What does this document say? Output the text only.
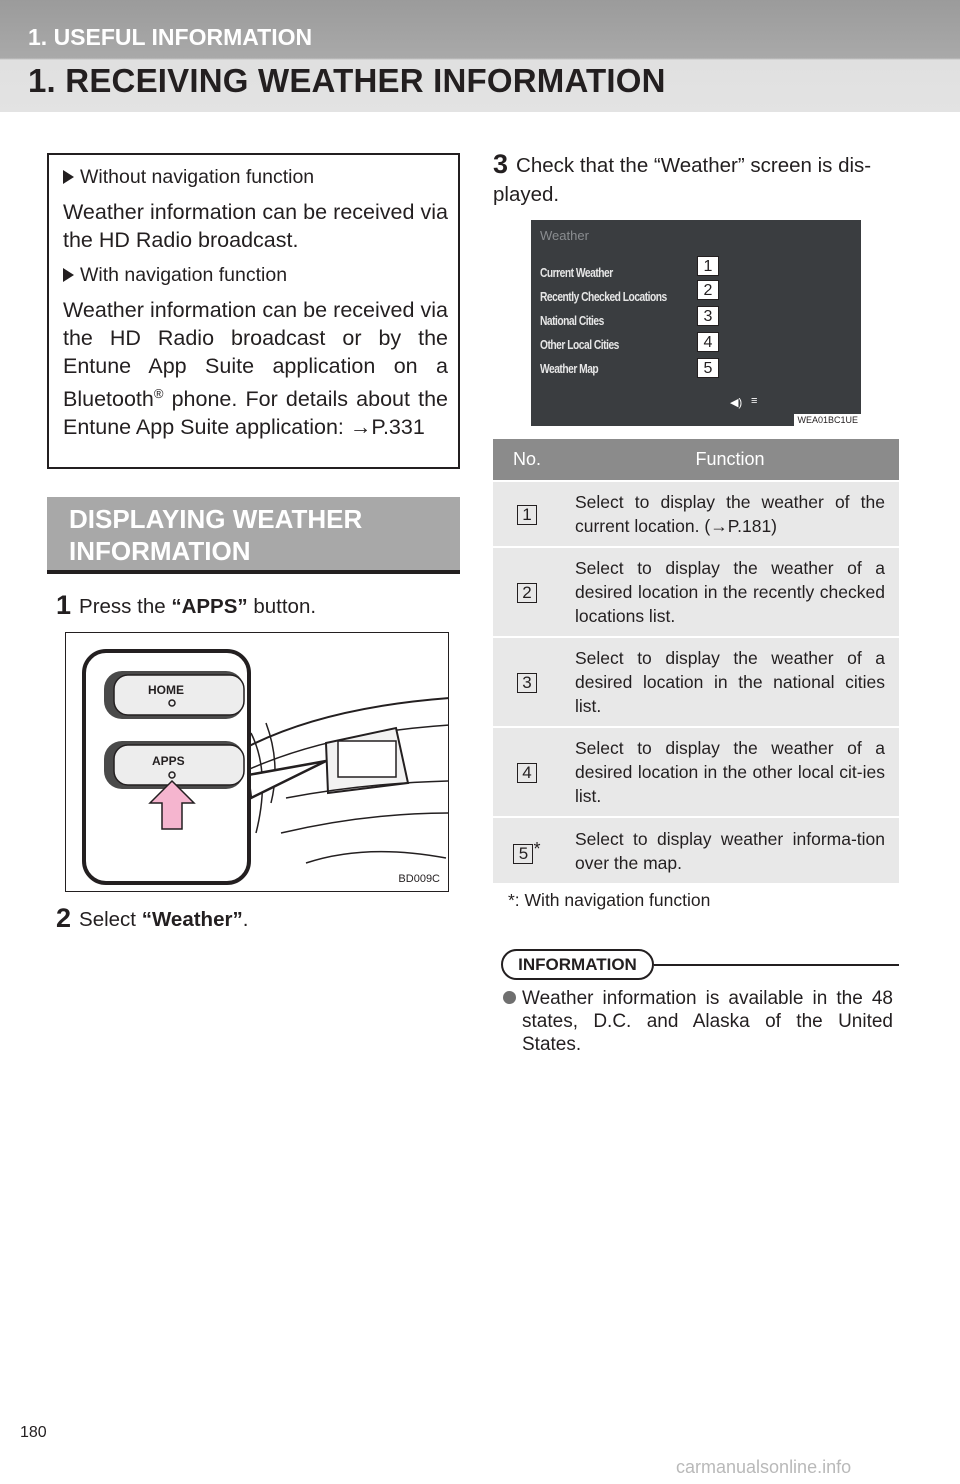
1. USEFUL INFORMATION
1. RECEIVING WEATHER INFORMATION
Without navigation function
Weather information can be received via the HD Radio broadcast.
With navigation function
Weather information can be received via the HD Radio broadcast or by the Entune App Suite application on a Bluetooth® phone. For details about the Entune App Suite application: →P.331
DISPLAYING WEATHER
INFORMATION
1 Press the “APPS” button.
HOME
APPS
BD009C
2 Select “Weather”.
3 Check that the “Weather” screen is dis-played.
Weather
Current Weather
Recently Checked Locations
National Cities
Other Local Cities
Weather Map
1
2
3
4
5
◀) ≡
WEA01BC1UE
No.	Function
1	Select to display the weather of the current location. (→P.181)
2	Select to display the weather of a desired location in the recently checked locations list.
3	Select to display the weather of a desired location in the national cities list.
4	Select to display the weather of a desired location in the other local cit-ies list.
5 *	Select to display weather informa-tion over the map.
*: With navigation function
INFORMATION
Weather information is available in the 48 states, D.C. and Alaska of the United States.
180
carmanualsonline.info
